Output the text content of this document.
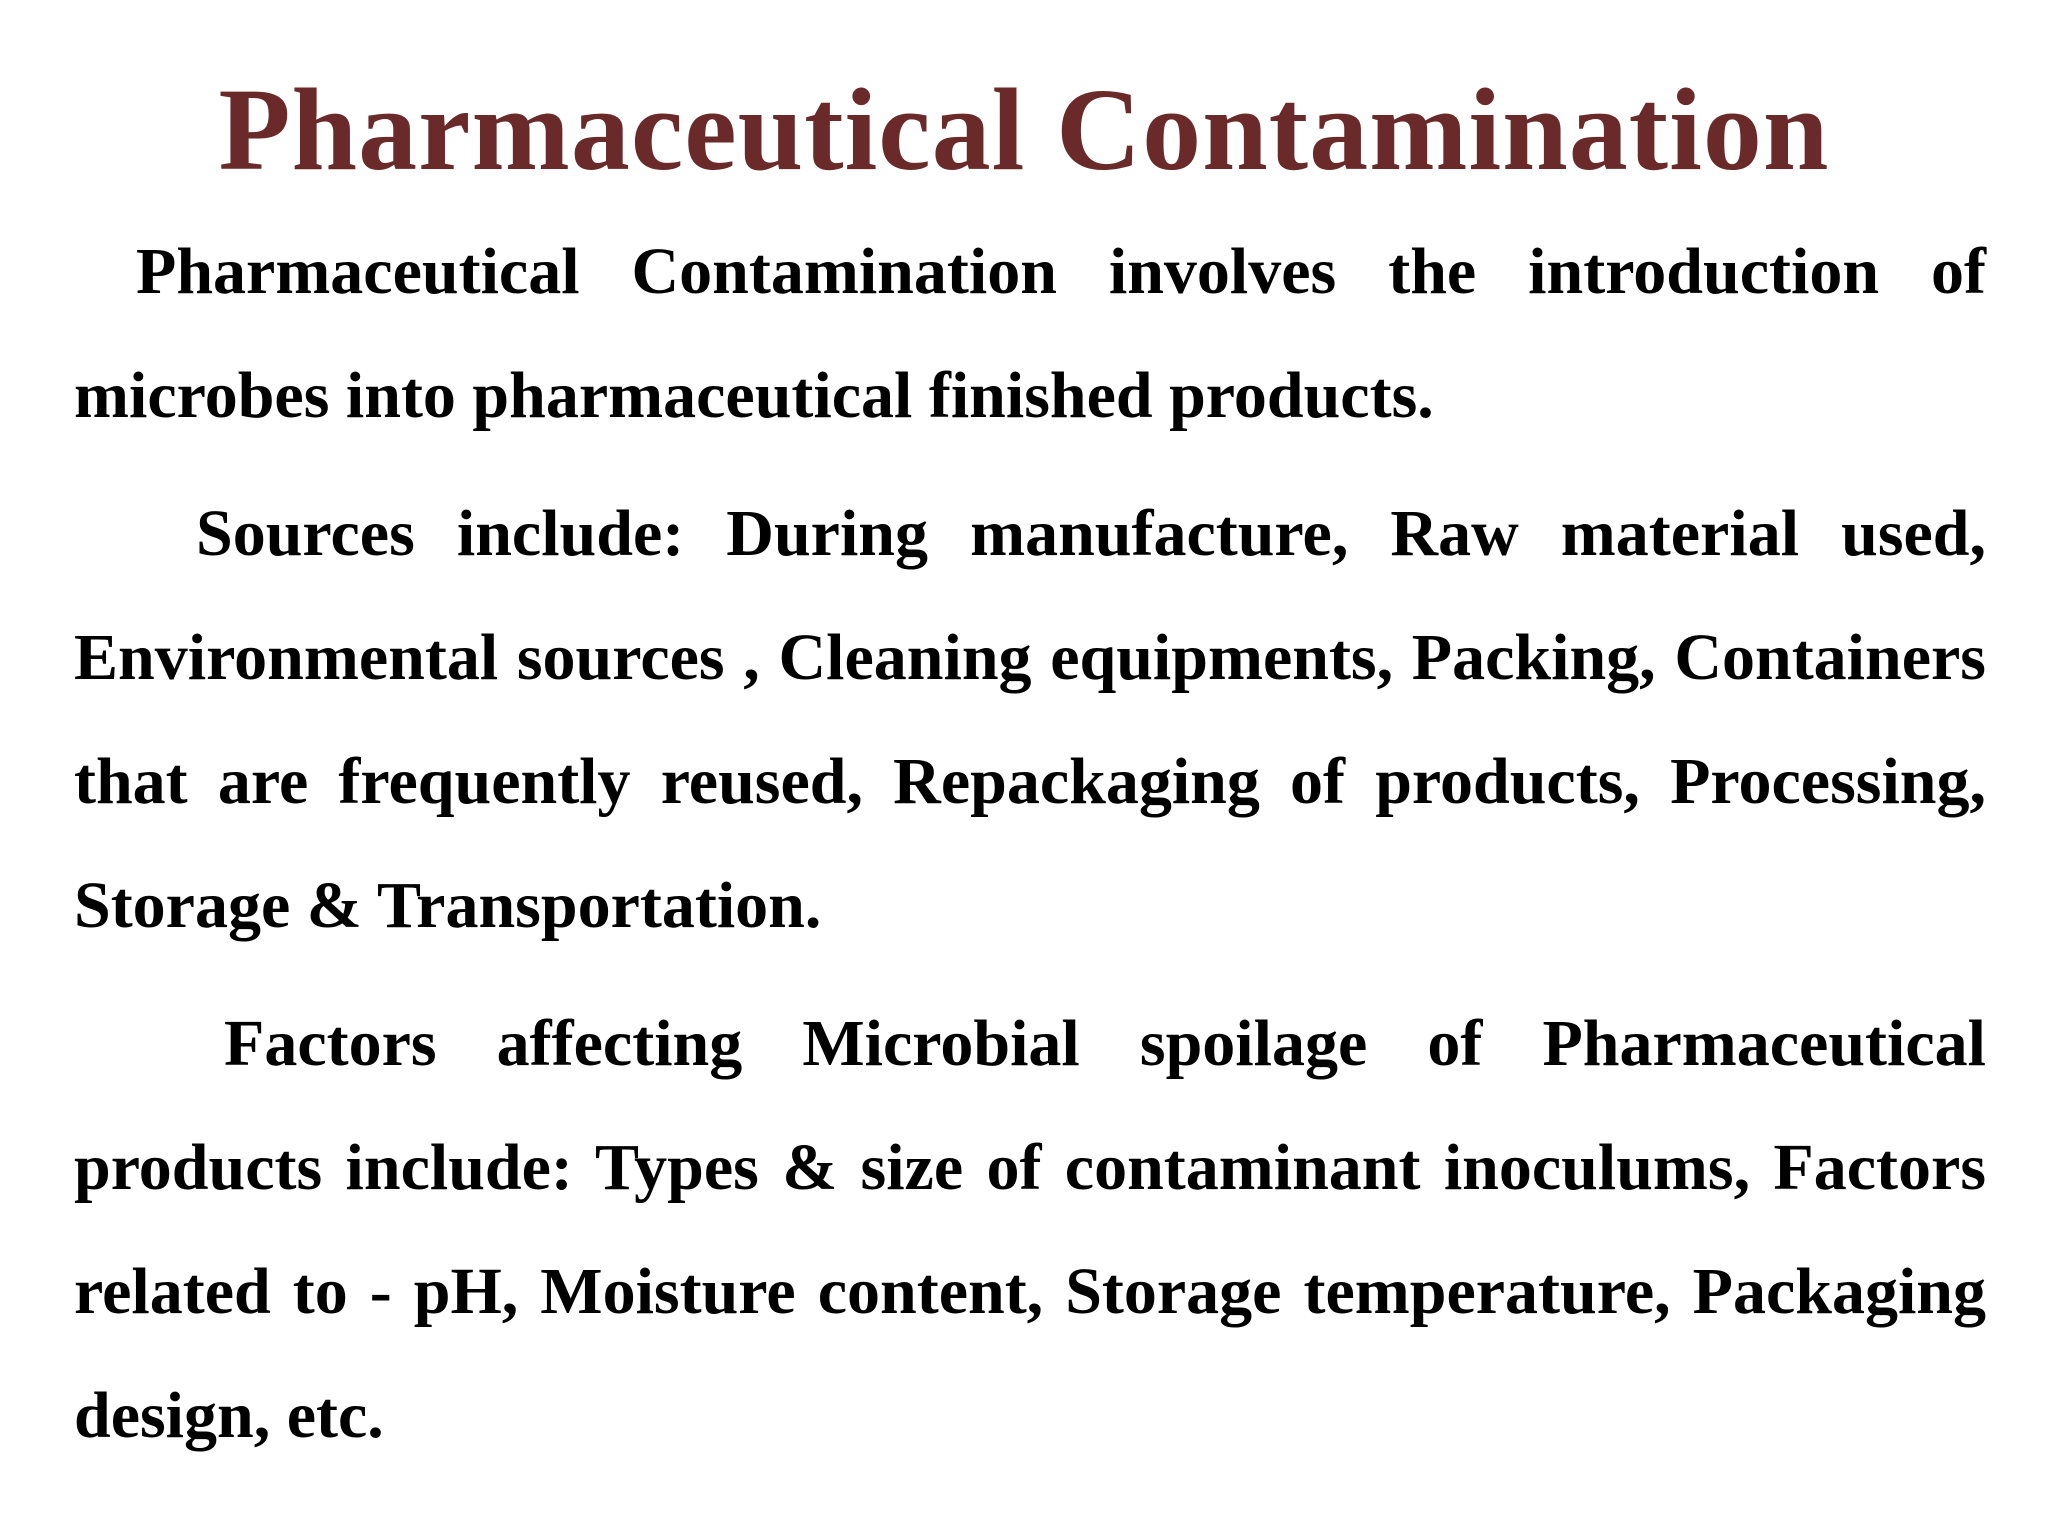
Pharmaceutical Contamination

Pharmaceutical Contamination involves the introduction of microbes into pharmaceutical finished products.

Sources include: During manufacture, Raw material used, Environmental sources , Cleaning equipments, Packing, Containers that are frequently reused, Repackaging of products, Processing, Storage & Transportation.

Factors affecting Microbial spoilage of Pharmaceutical products include: Types & size of contaminant inoculums, Factors related to - pH, Moisture content, Storage temperature, Packaging design, etc.
